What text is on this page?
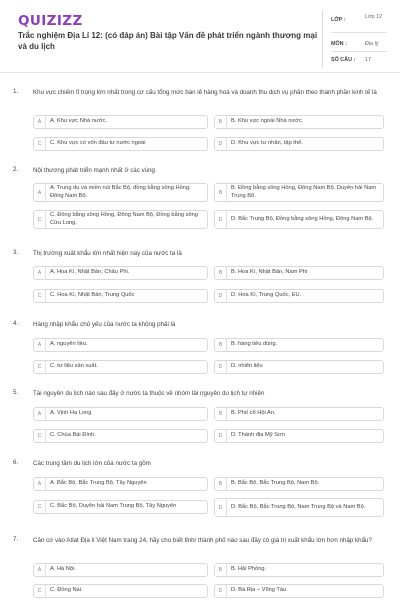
QUIZIZZ
Trắc nghiệm Địa Lí 12: (có đáp án) Bài tập Vấn đề phát triển ngành thương mại và du lịch
LỚP :	Lớp 12
MÔN :	Địa lý
SỐ CÂU : 17
1. Khu vực chiếm tỉ trọng lớn nhất trong cơ cấu tổng mức bán lẻ hàng hoá và doanh thu dịch vụ phân theo thành phần kinh tế là
A	A. Khu vực Nhà nước.	B	B. Khu vực ngoài Nhà nước.
C	C. Khu vực có vốn đầu tư nước ngoài	D	D. Khu vực tư nhân, tập thể.
2. Nội thương phát triển mạnh nhất ở các vùng
A
A. Trung du và miền núi Bắc Bộ, đồng bằng sông Hồng, Đông Nam Bộ.	B
B. Đồng bằng sông Hồng, Đông Nam Bộ, Duyên hải Nam Trung Bộ.
C
C. Đồng bằng sông Hồng, Đông Nam Bộ, Đồng bằng sông Cửu Long.	D	D. Bắc Trung Bộ, Đồng bằng sông Hồng, Đông Nam Bộ.
3. Thị trường xuất khẩu lớn nhất hiện nay của nước ta là
A	A. Hoa Kì, Nhật Bản, Châu Phi.	B	B. Hoa Kì, Nhật Bản, Nam Phi
C	C. Hoa Kì, Nhật Bản, Trung Quốc	D	D. Hoa Kì, Trung Quốc, EU.
4. Hàng nhập khẩu chủ yếu của nước ta không phải là
A	A. nguyên liệu.	B	B. hàng tiêu dùng.
C	C. tư liệu sản xuất.	D	D. nhiên liệu
5. Tài nguyên du lịch nào sau đây ở nước ta thuộc về nhóm tài nguyên du lịch tự nhiên
A	A. Vịnh Hạ Long	B	B. Phố cổ Hội An.
C	C. Chùa Bái Đính.	D	D. Thánh địa Mỹ Sơn
6. Các trung tâm du lịch lớn của nước ta gồm
A	A. Bắc Bộ, Bắc Trung Bộ, Tây Nguyên	B	B. Bắc Bộ, Bắc Trung Bộ, Nam Bộ.
C	C. Bắc Bộ, Duyên hải Nam Trung Bộ, Tây Nguyên	D	D. Bắc Bộ, Bắc Trung Bộ, Nam Trung Bộ và Nam Bộ.
7. Căn cứ vào Atlat Địa lí Việt Nam trang 24, hãy cho biết tỉnh/ thành phố nào sau đây có giá trị xuất khẩu lớn hơn nhập khẩu?
A	A. Hà Nội.	B	B. Hải Phòng.
C	C. Đồng Nai.	D	D. Bà Rịa – Vũng Tàu
